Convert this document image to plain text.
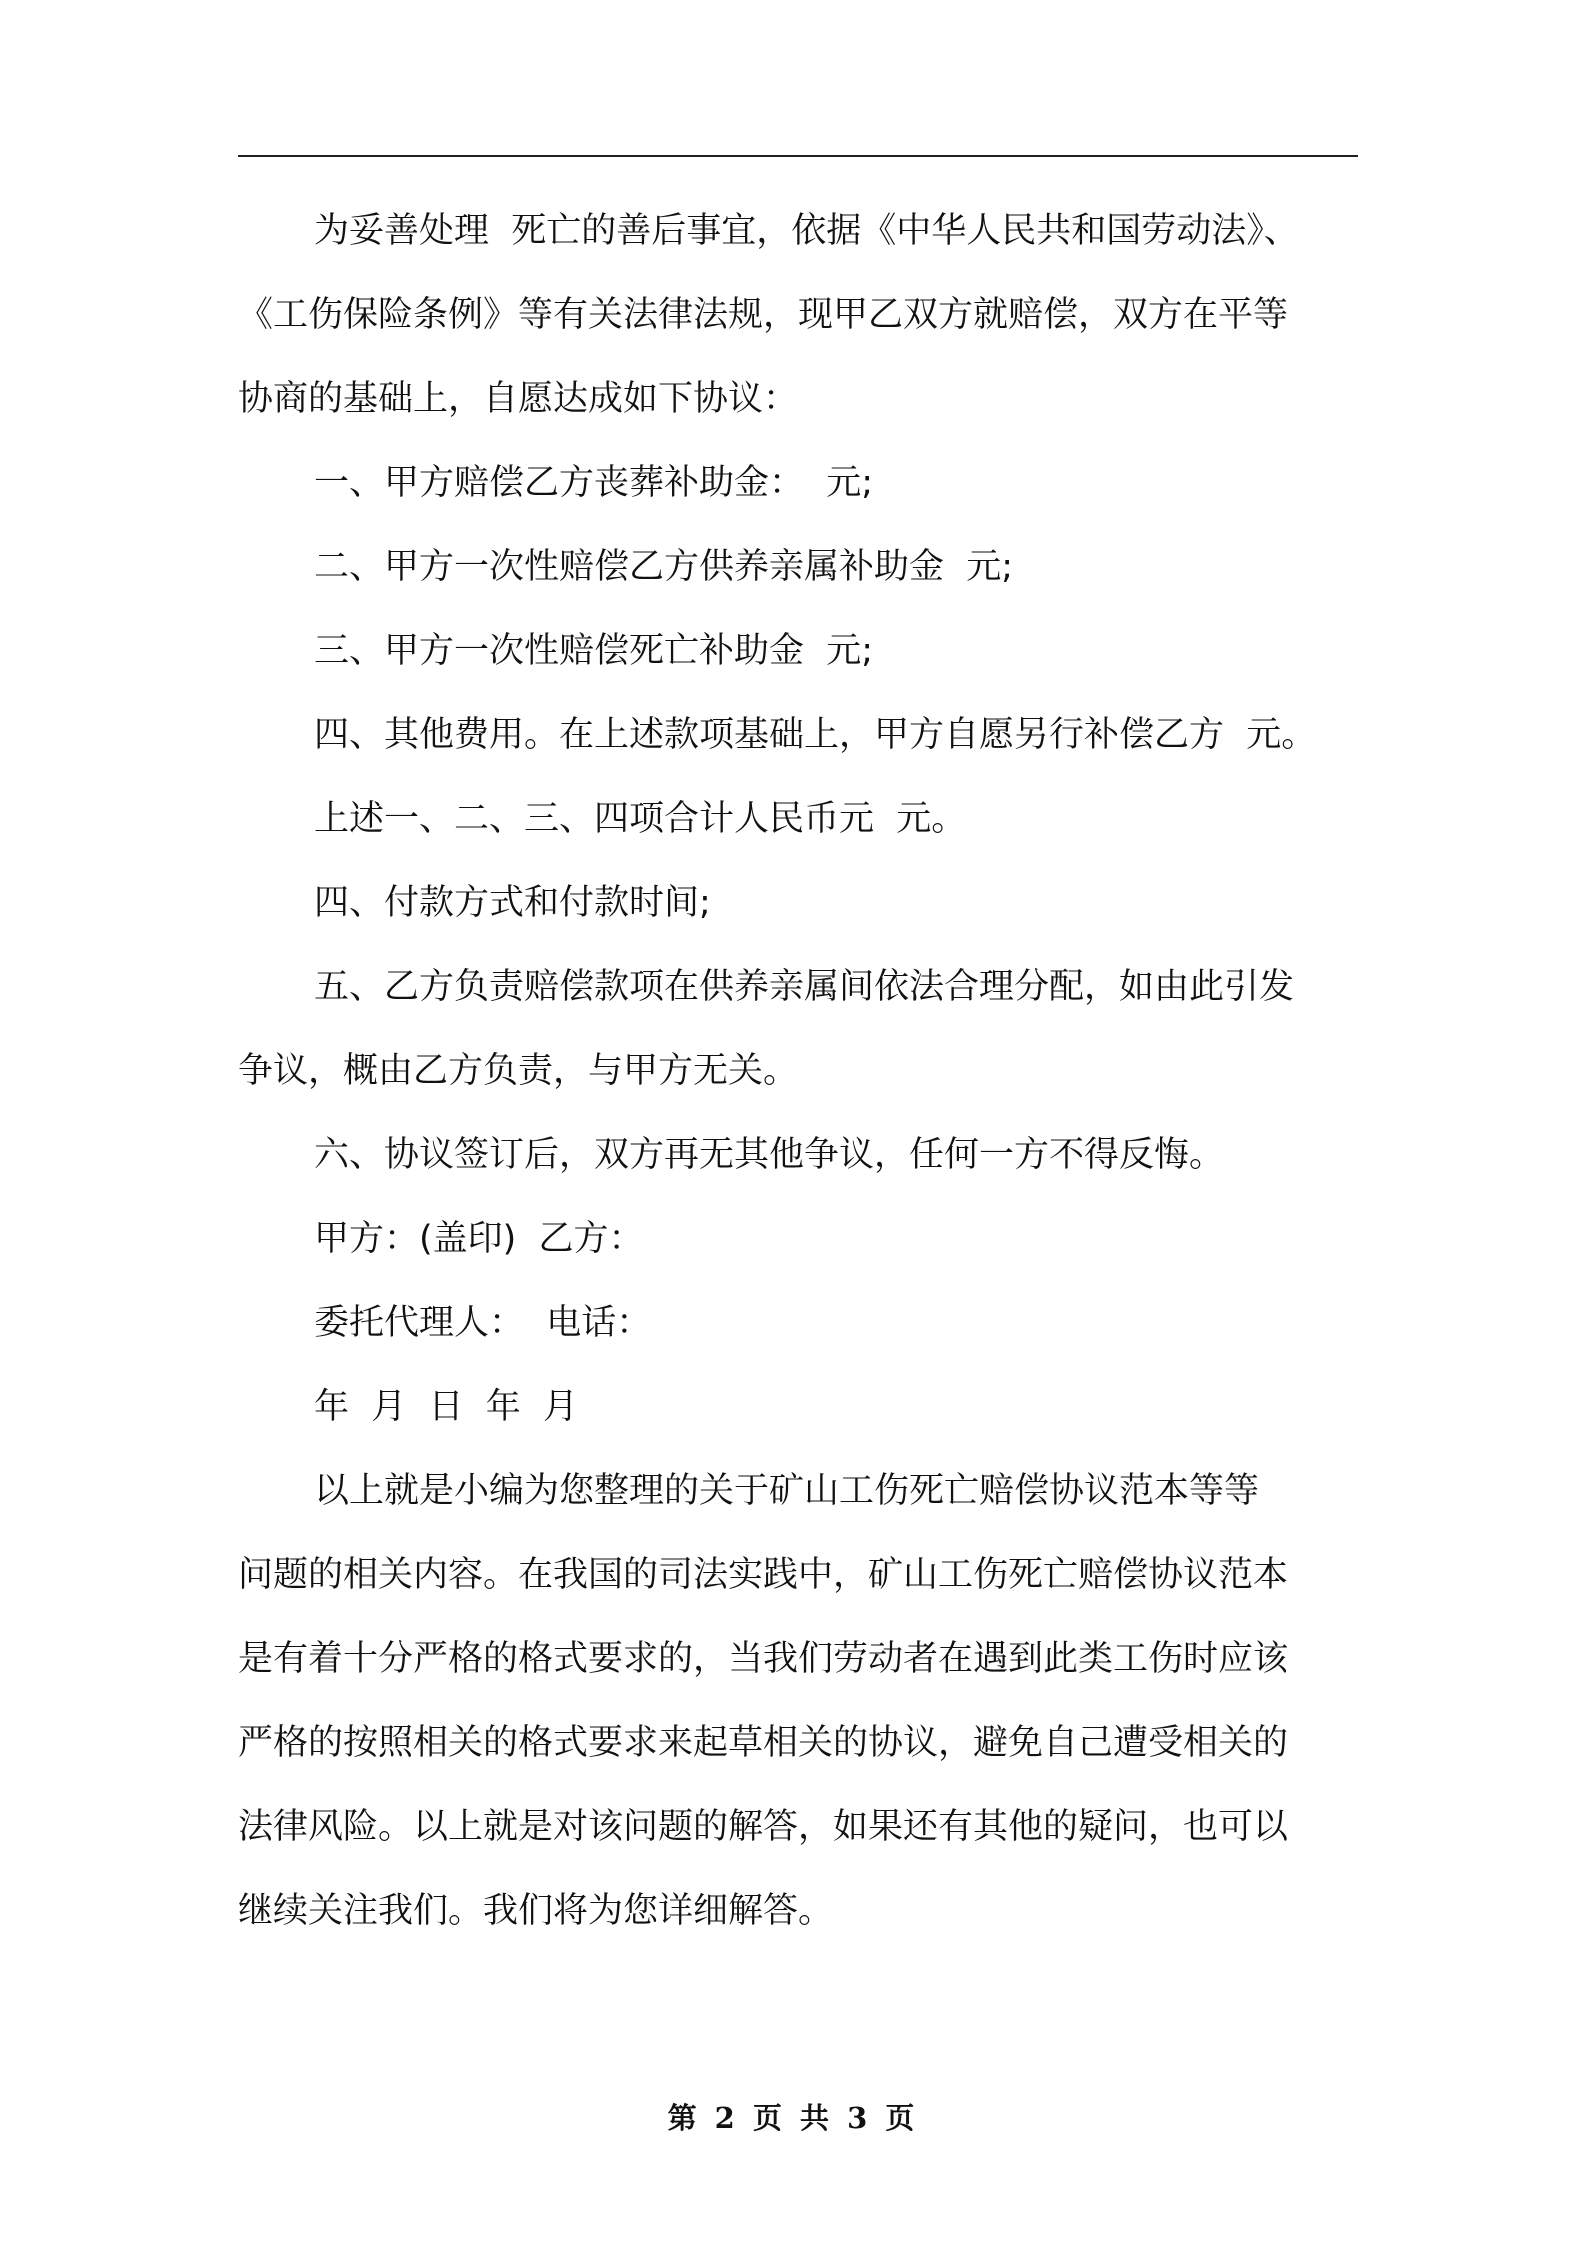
为妥善处理  死亡的善后事宜，依据《中华人民共和国劳动法》、
《工伤保险条例》等有关法律法规，现甲乙双方就赔偿，双方在平等
协商的基础上，自愿达成如下协议：
一、甲方赔偿乙方丧葬补助金：  元;
二、甲方一次性赔偿乙方供养亲属补助金  元;
三、甲方一次性赔偿死亡补助金  元;
四、其他费用。在上述款项基础上，甲方自愿另行补偿乙方  元。
上述一、二、三、四项合计人民币元  元。
四、付款方式和付款时间;
五、乙方负责赔偿款项在供养亲属间依法合理分配，如由此引发
争议，概由乙方负责，与甲方无关。
六、协议签订后，双方再无其他争议，任何一方不得反悔。
甲方：(盖印)  乙方：
委托代理人：  电话：
年  月  日  年  月
以上就是小编为您整理的关于矿山工伤死亡赔偿协议范本等等
问题的相关内容。在我国的司法实践中，矿山工伤死亡赔偿协议范本
是有着十分严格的格式要求的，当我们劳动者在遇到此类工伤时应该
严格的按照相关的格式要求来起草相关的协议，避免自己遭受相关的
法律风险。以上就是对该问题的解答，如果还有其他的疑问，也可以
继续关注我们。我们将为您详细解答。
第 2 页 共 3 页
